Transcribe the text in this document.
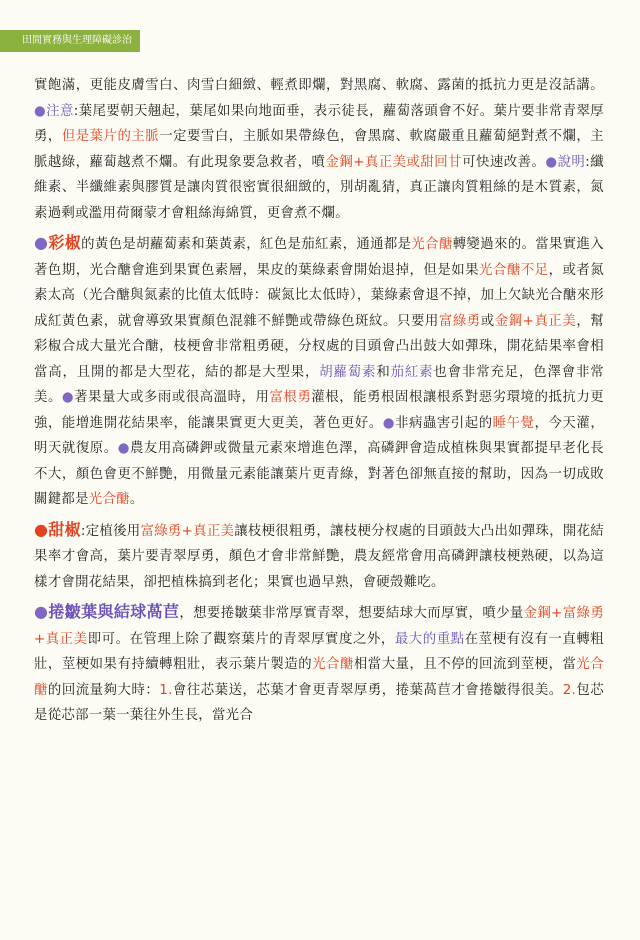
田間實務與生理障礙診治

實飽滿，更能皮膚雪白、肉雪白細緻、輕煮即爛，對黑腐、軟腐、露菌的抵抗力更是沒話講。●注意:葉尾要朝天翹起，葉尾如果向地面垂，表示徒長，蘿蔔落頭會不好。葉片要非常青翠厚勇，但是葉片的主脈一定要雪白，主脈如果帶綠色，會黑腐、軟腐嚴重且蘿蔔絕對煮不爛，主脈越綠，蘿蔔越煮不爛。有此現象要急救者，噴金鋼+真正美或甜回甘可快速改善。●說明:纖維素、半纖維素與膠質是讓肉質很密實很細緻的，別胡亂猜，真正讓肉質粗絲的是木質素，氮素過剩或濫用荷爾蒙才會粗絲海綿質，更會煮不爛。

●彩椒的黃色是胡蘿蔔素和葉黃素，紅色是茄紅素，通通都是光合醣轉變過來的。當果實進入著色期，光合醣會進到果實色素層，果皮的葉綠素會開始退掉，但是如果光合醣不足，或者氮素太高（光合醣與氮素的比值太低時：碳氮比太低時），葉綠素會退不掉，加上欠缺光合醣來形成紅黃色素，就會導致果實顏色混雜不鮮艷或帶綠色斑紋。只要用富綠勇或金鋼+真正美，幫彩椒合成大量光合醣，枝梗會非常粗勇硬，分杈處的目頭會凸出鼓大如彈珠，開花結果率會相當高，且開的都是大型花，結的都是大型果，胡蘿蔔素和茄紅素也會非常充足，色澤會非常美。●著果量大或多雨或很高溫時，用富根勇灌根，能勇根固根讓根系對惡劣環境的抵抗力更強，能增進開花結果率，能讓果實更大更美，著色更好。●非病蟲害引起的睡午覺，今天灌，明天就復原。●農友用高磷鉀或微量元素來增進色澤，高磷鉀會造成植株與果實都提早老化長不大，顏色會更不鮮艷，用微量元素能讓葉片更青綠，對著色卻無直接的幫助，因為一切成敗關鍵都是光合醣。

●甜椒:定植後用富綠勇+真正美讓枝梗很粗勇，讓枝梗分杈處的目頭鼓大凸出如彈珠，開花結果率才會高，葉片要青翠厚勇，顏色才會非常鮮艷，農友經常會用高磷鉀讓枝梗熟硬，以為這樣才會開花結果，卻把植株搞到老化；果實也過早熟，會硬殼難吃。

●捲皺葉與結球萵苣，想要捲皺葉非常厚實青翠，想要結球大而厚實，噴少量金鋼+富綠勇+真正美即可。在管理上除了觀察葉片的青翠厚實度之外，最大的重點在莖梗有沒有一直轉粗壯，莖梗如果有持續轉粗壯，表示葉片製造的光合醣相當大量，且不停的回流到莖梗，當光合醣的回流量夠大時：1.會往芯葉送，芯葉才會更青翠厚勇，捲葉萵苣才會捲皺得很美。2.包芯是從芯部一葉一葉往外生長，當光合
